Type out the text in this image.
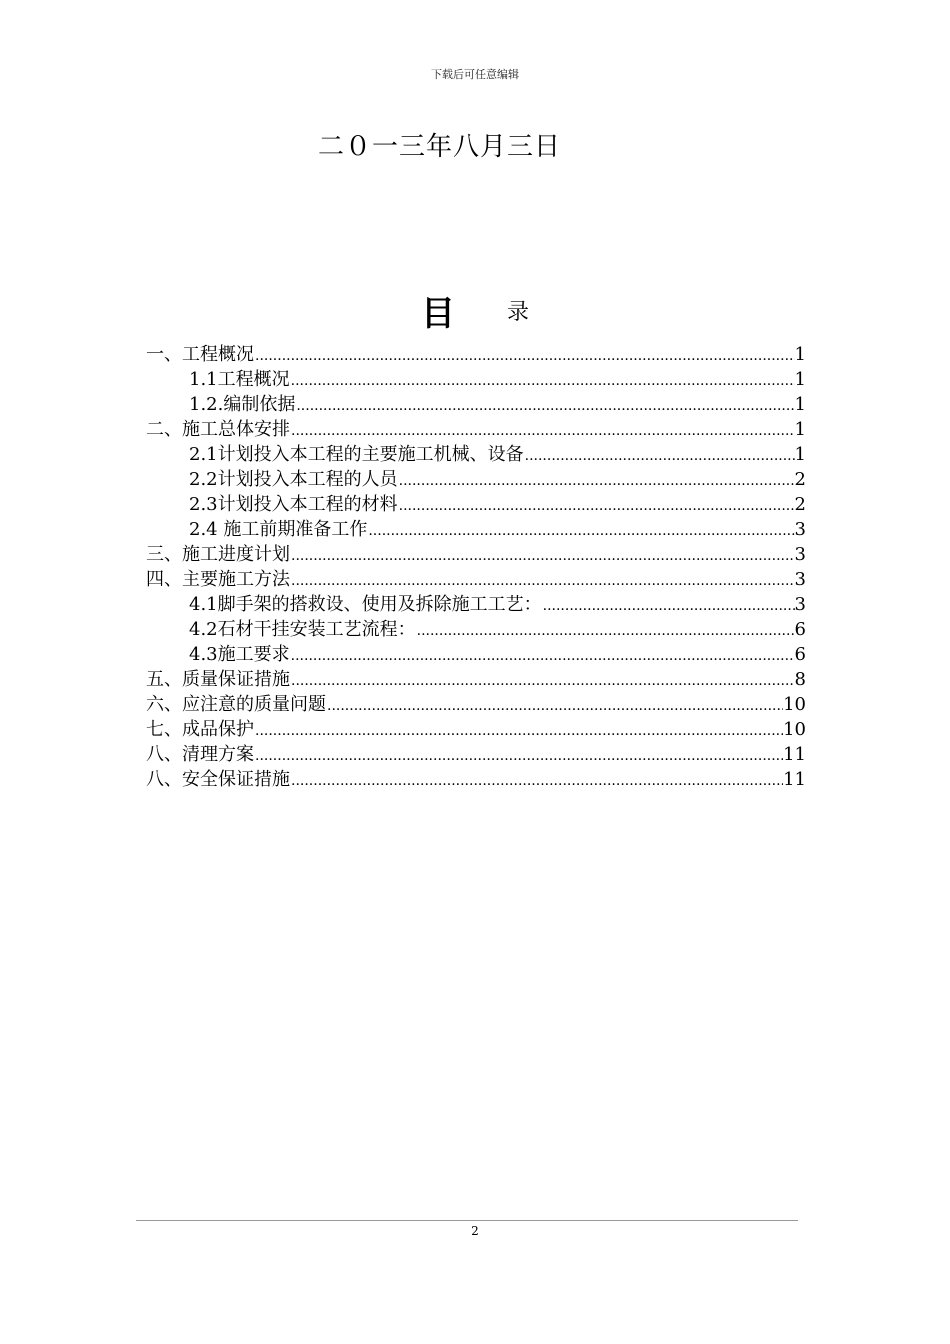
下载后可任意编辑
二０一三年八月三日
目 录
一、工程概况 .....	1
1.1工程概况 .....	1
1.2.编制依据 .....	1
二、施工总体安排 .....	1
2.1计划投入本工程的主要施工机械、设备 .....	1
2.2计划投入本工程的人员 .....	2
2.3计划投入本工程的材料 .....	2
2.4 施工前期准备工作 .....	3
三、施工进度计划 .....	3
四、主要施工方法 .....	3
4.1脚手架的搭救设、使用及拆除施工工艺： .....	3
4.2石材干挂安装工艺流程： .....	6
4.3施工要求 .....	6
五、质量保证措施 .....	8
六、应注意的质量问题 .....	10
七、成品保护 .....	10
八、清理方案 .....	11
八、安全保证措施 .....	11
2
